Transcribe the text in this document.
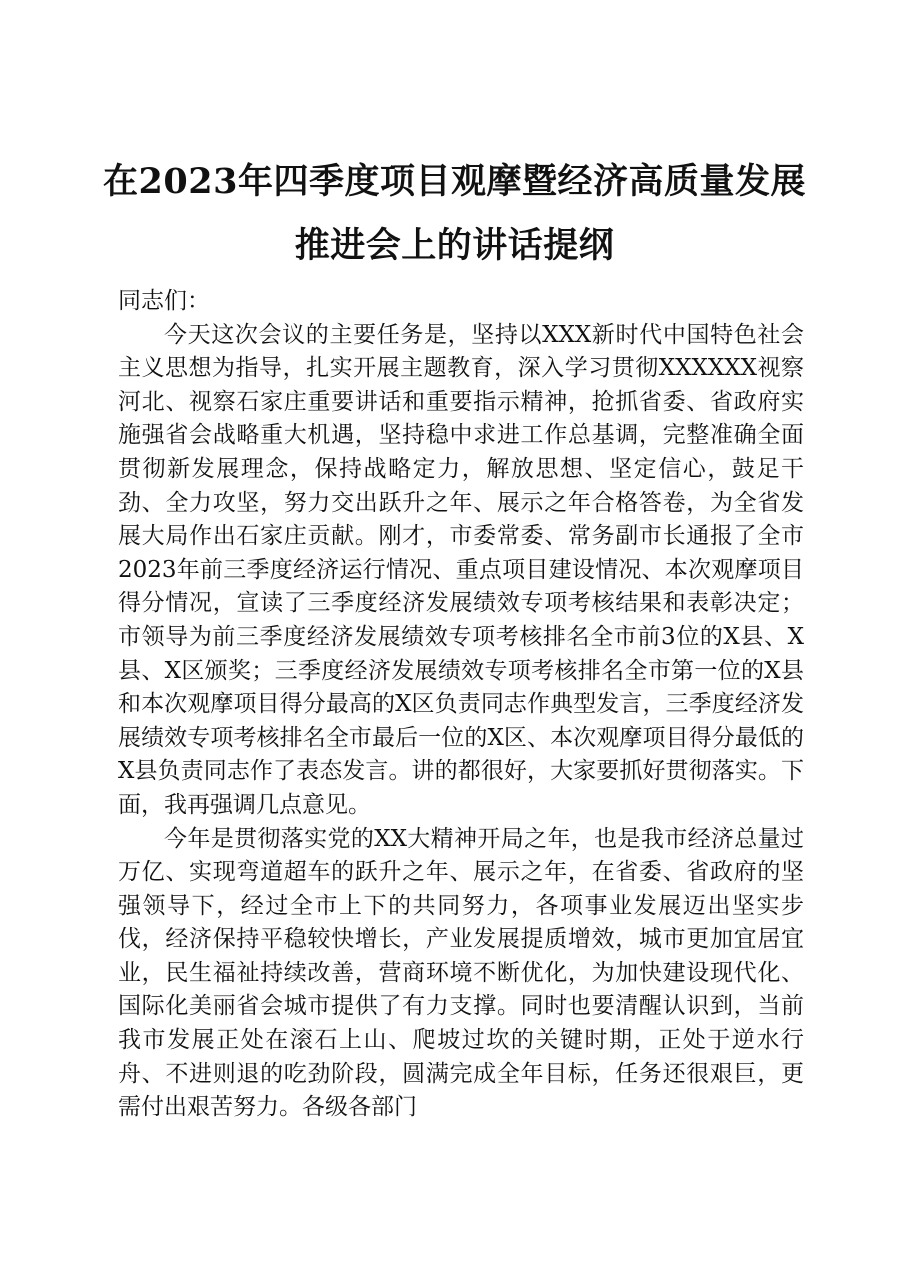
在2023年四季度项目观摩暨经济高质量发展
推进会上的讲话提纲

同志们：

今天这次会议的主要任务是，坚持以XXX新时代中国特色社会主义思想为指导，扎实开展主题教育，深入学习贯彻XXXXXX视察河北、视察石家庄重要讲话和重要指示精神，抢抓省委、省政府实施强省会战略重大机遇，坚持稳中求进工作总基调，完整准确全面贯彻新发展理念，保持战略定力，解放思想、坚定信心，鼓足干劲、全力攻坚，努力交出跃升之年、展示之年合格答卷，为全省发展大局作出石家庄贡献。刚才，市委常委、常务副市长通报了全市2023年前三季度经济运行情况、重点项目建设情况、本次观摩项目得分情况，宣读了三季度经济发展绩效专项考核结果和表彰决定；市领导为前三季度经济发展绩效专项考核排名全市前3位的X县、X县、X区颁奖；三季度经济发展绩效专项考核排名全市第一位的X县和本次观摩项目得分最高的X区负责同志作典型发言，三季度经济发展绩效专项考核排名全市最后一位的X区、本次观摩项目得分最低的X县负责同志作了表态发言。讲的都很好，大家要抓好贯彻落实。下面，我再强调几点意见。

今年是贯彻落实党的XX大精神开局之年，也是我市经济总量过万亿、实现弯道超车的跃升之年、展示之年，在省委、省政府的坚强领导下，经过全市上下的共同努力，各项事业发展迈出坚实步伐，经济保持平稳较快增长，产业发展提质增效，城市更加宜居宜业，民生福祉持续改善，营商环境不断优化，为加快建设现代化、国际化美丽省会城市提供了有力支撑。同时也要清醒认识到，当前我市发展正处在滚石上山、爬坡过坎的关键时期，正处于逆水行舟、不进则退的吃劲阶段，圆满完成全年目标，任务还很艰巨，更需付出艰苦努力。各级各部门
